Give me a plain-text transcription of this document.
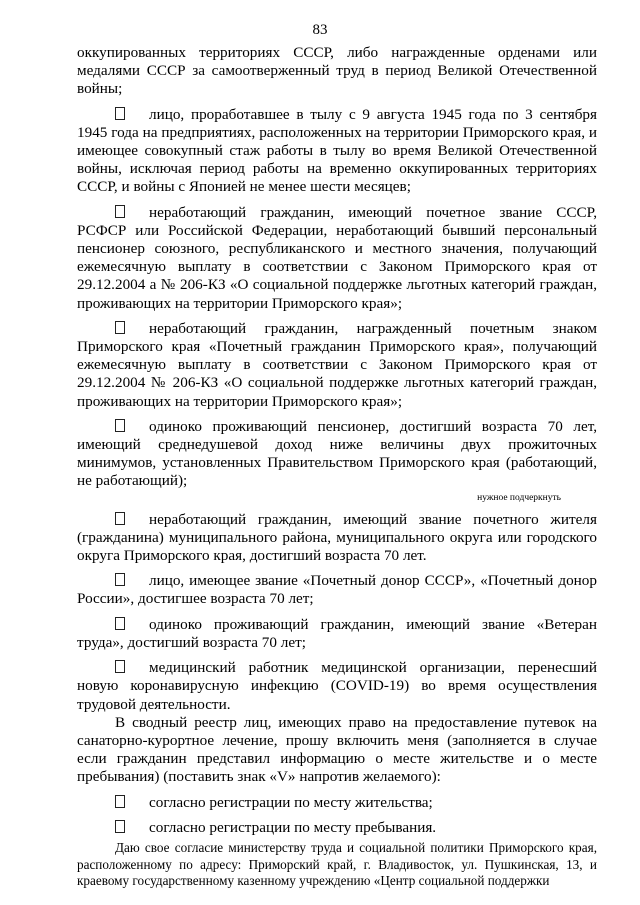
83

оккупированных территориях СССР, либо награжденные орденами или медалями СССР за самоотверженный труд в период Великой Отечественной войны;

лицо, проработавшее в тылу с 9 августа 1945 года по 3 сентября 1945 года на предприятиях, расположенных на территории Приморского края, и имеющее совокупный стаж работы в тылу во время Великой Отечественной войны, исключая период работы на временно оккупированных территориях СССР, и войны с Японией не менее шести месяцев;

неработающий гражданин, имеющий почетное звание СССР, РСФСР или Российской Федерации, неработающий бывший персональный пенсионер союзного, республиканского и местного значения, получающий ежемесячную выплату в соответствии с Законом Приморского края от 29.12.2004 а № 206-КЗ «О социальной поддержке льготных категорий граждан, проживающих на территории Приморского края»;

неработающий гражданин, награжденный почетным знаком Приморского края «Почетный гражданин Приморского края», получающий ежемесячную выплату в соответствии с Законом Приморского края от 29.12.2004 № 206-КЗ «О социальной поддержке льготных категорий граждан, проживающих на территории Приморского края»;

одиноко проживающий пенсионер, достигший возраста 70 лет, имеющий среднедушевой доход ниже величины двух прожиточных минимумов, установленных Правительством Приморского края (работающий, не работающий);

нужное подчеркнуть

неработающий гражданин, имеющий звание почетного жителя (гражданина) муниципального района, муниципального округа или городского округа Приморского края, достигший возраста 70 лет.

лицо, имеющее звание «Почетный донор СССР», «Почетный донор России», достигшее возраста 70 лет;

одиноко проживающий гражданин, имеющий звание «Ветеран труда», достигший возраста 70 лет;

медицинский работник медицинской организации, перенесший новую коронавирусную инфекцию (COVID-19) во время осуществления трудовой деятельности.

В сводный реестр лиц, имеющих право на предоставление путевок на санаторно-курортное лечение, прошу включить меня (заполняется в случае если гражданин представил информацию о месте жительстве и о месте пребывания) (поставить знак «V» напротив желаемого):

согласно регистрации по месту жительства;

согласно регистрации по месту пребывания.

Даю свое согласие министерству труда и социальной политики Приморского края, расположенному по адресу: Приморский край, г. Владивосток, ул. Пушкинская, 13, и краевому государственному казенному учреждению «Центр социальной поддержки
